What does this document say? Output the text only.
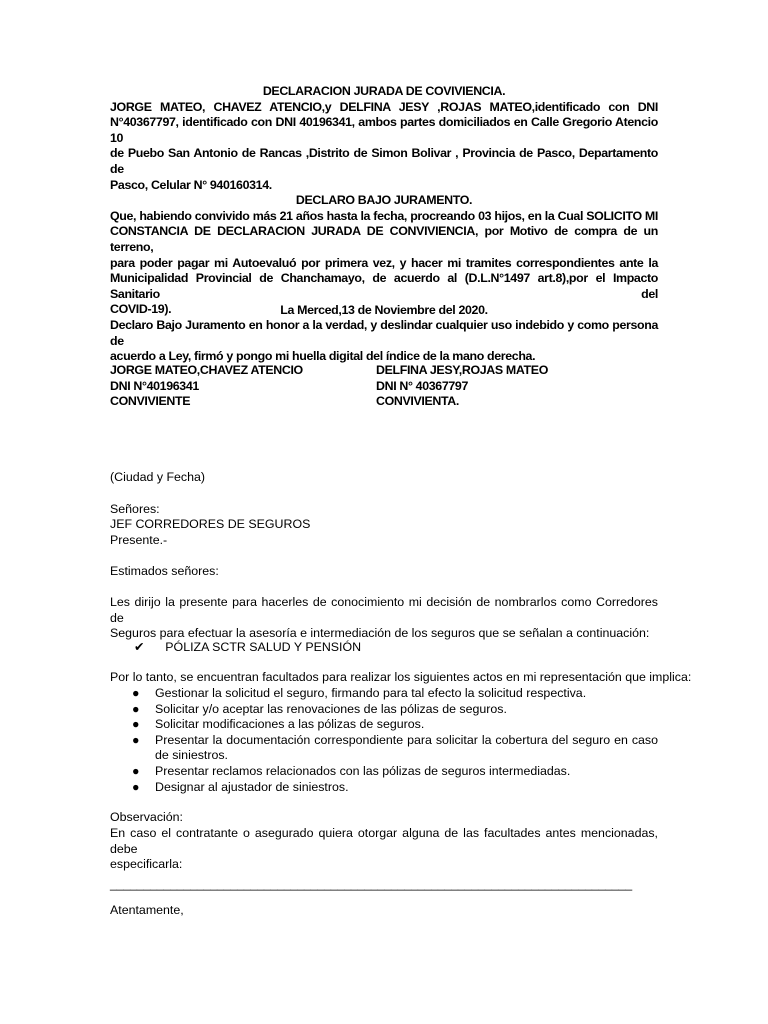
DECLARACION JURADA DE COVIVIENCIA.

JORGE MATEO, CHAVEZ ATENCIO,y DELFINA JESY ,ROJAS MATEO,identificado con DNI

N°40367797, identificado con DNI 40196341, ambos partes domiciliados en Calle Gregorio Atencio 10

de Puebo San Antonio de Rancas ,Distrito de Simon Bolivar , Provincia de Pasco, Departamento de

Pasco, Celular N° 940160314.

DECLARO BAJO JURAMENTO.

Que, habiendo convivido más 21 años hasta la fecha, procreando 03 hijos, en la Cual SOLICITO MI

CONSTANCIA DE DECLARACION JURADA DE CONVIVIENCIA, por Motivo de compra de un terreno,

para poder pagar mi Autoevaluó por primera vez, y hacer mi tramites correspondientes ante la

Municipalidad Provincial de Chanchamayo, de acuerdo al (D.L.N°1497 art.8),por el Impacto Sanitario del

COVID-19).

Declaro Bajo Juramento en honor a la verdad, y deslindar cualquier uso indebido y como persona de

acuerdo a Ley, firmó y pongo mi huella digital del índice de la mano derecha.

La Merced,13 de Noviembre del 2020.
JORGE MATEO,CHAVEZ ATENCIO
DNI N°40196341
CONVIVIENTE
DELFINA JESY,ROJAS MATEO
DNI N° 40367797
CONVIVIENTA.
(Ciudad y Fecha)
Señores:
JEF CORREDORES DE SEGUROS
Presente.-
Estimados señores:

Les dirijo la presente para hacerles de conocimiento mi decisión de nombrarlos como Corredores de

Seguros para efectuar la asesoría e intermediación de los seguros que se señalan a continuación:

✔ PÓLIZA SCTR SALUD Y PENSIÓN
Por lo tanto, se encuentran facultados para realizar los siguientes actos en mi representación que implica:
● Gestionar la solicitud el seguro, firmando para tal efecto la solicitud respectiva.
● Solicitar y/o aceptar las renovaciones de las pólizas de seguros.
● Solicitar modificaciones a las pólizas de seguros.
● Presentar la documentación correspondiente para solicitar la cobertura del seguro en caso de siniestros.
● Presentar reclamos relacionados con las pólizas de seguros intermediadas.
● Designar al ajustador de siniestros.
Observación:

En caso el contratante o asegurado quiera otorgar alguna de las facultades antes mencionadas, debe

especificarla:

______________________________________________________________________________
Atentamente,
